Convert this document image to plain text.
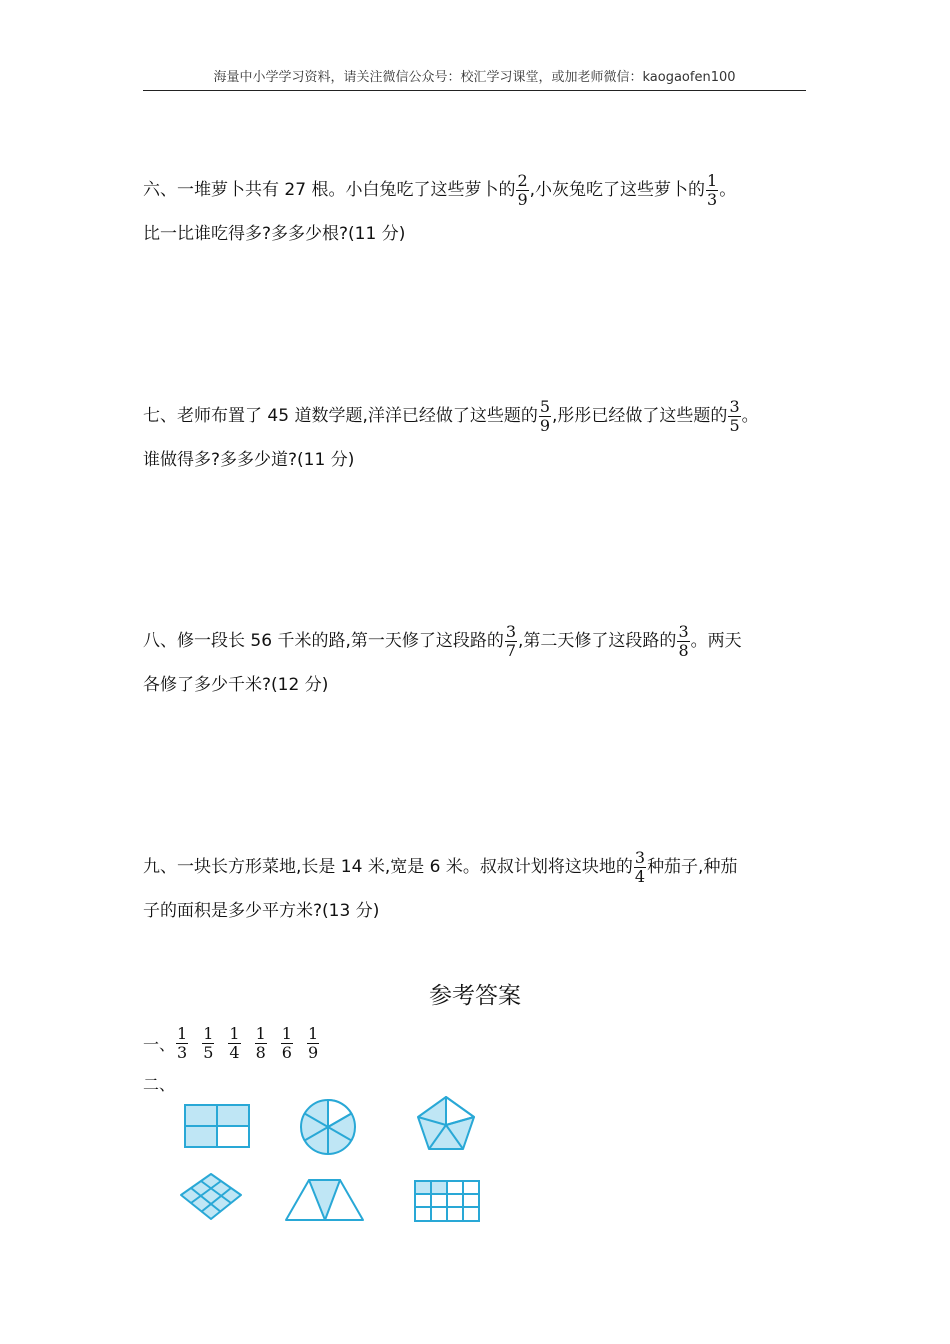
海量中小学学习资料，请关注微信公众号：校汇学习课堂，或加老师微信：kaogaofen100
六、一堆萝卜共有 27 根。小白兔吃了这些萝卜的 $\frac{2}{9}$ ,小灰兔吃了这些萝卜的 $\frac{1}{3}$ 。
比一比谁吃得多?多多少根?(11 分)
七、老师布置了 45 道数学题,洋洋已经做了这些题的 $\frac{5}{9}$ ,彤彤已经做了这些题的 $\frac{3}{5}$ 。
谁做得多?多多少道?(11 分)
八、修一段长 56 千米的路,第一天修了这段路的 $\frac{3}{7}$ ,第二天修了这段路的 $\frac{3}{8}$ 。两天
各修了多少千米?(12 分)
九、一块长方形菜地,长是 14 米,宽是 6 米。叔叔计划将这块地的 $\frac{3}{4}$ 种茄子,种茄
子的面积是多少平方米?(13 分)
参考答案
一、 $\frac{1}{3} \frac{1}{5} \frac{1}{4} \frac{1}{8} \frac{1}{6} \frac{1}{9}$
二、
